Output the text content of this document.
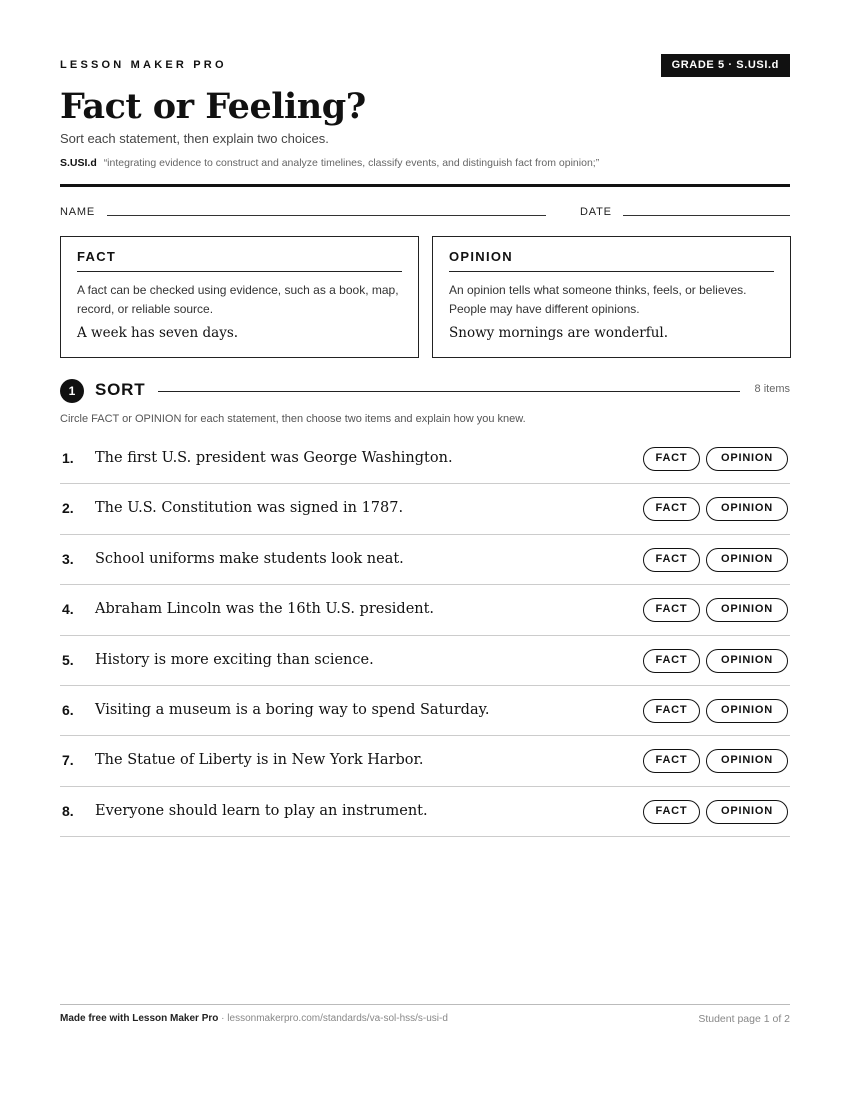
LESSON MAKER PRO	GRADE 5 · S.USI.d
Fact or Feeling?
Sort each statement, then explain two choices.
S.USI.d “integrating evidence to construct and analyze timelines, classify events, and distinguish fact from opinion;”
NAME	DATE
FACT
A fact can be checked using evidence, such as a book, map, record, or reliable source.
A week has seven days.
OPINION
An opinion tells what someone thinks, feels, or believes. People may have different opinions.
Snowy mornings are wonderful.
1	SORT	8 items
Circle FACT or OPINION for each statement, then choose two items and explain how you knew.
1. The first U.S. president was George Washington.	FACT	OPINION
2. The U.S. Constitution was signed in 1787.	FACT	OPINION
3. School uniforms make students look neat.	FACT	OPINION
4. Abraham Lincoln was the 16th U.S. president.	FACT	OPINION
5. History is more exciting than science.	FACT	OPINION
6. Visiting a museum is a boring way to spend Saturday.	FACT	OPINION
7. The Statue of Liberty is in New York Harbor.	FACT	OPINION
8. Everyone should learn to play an instrument.	FACT	OPINION
Made free with Lesson Maker Pro · lessonmakerpro.com/standards/va-sol-hss/s-usi-d	Student page 1 of 2
